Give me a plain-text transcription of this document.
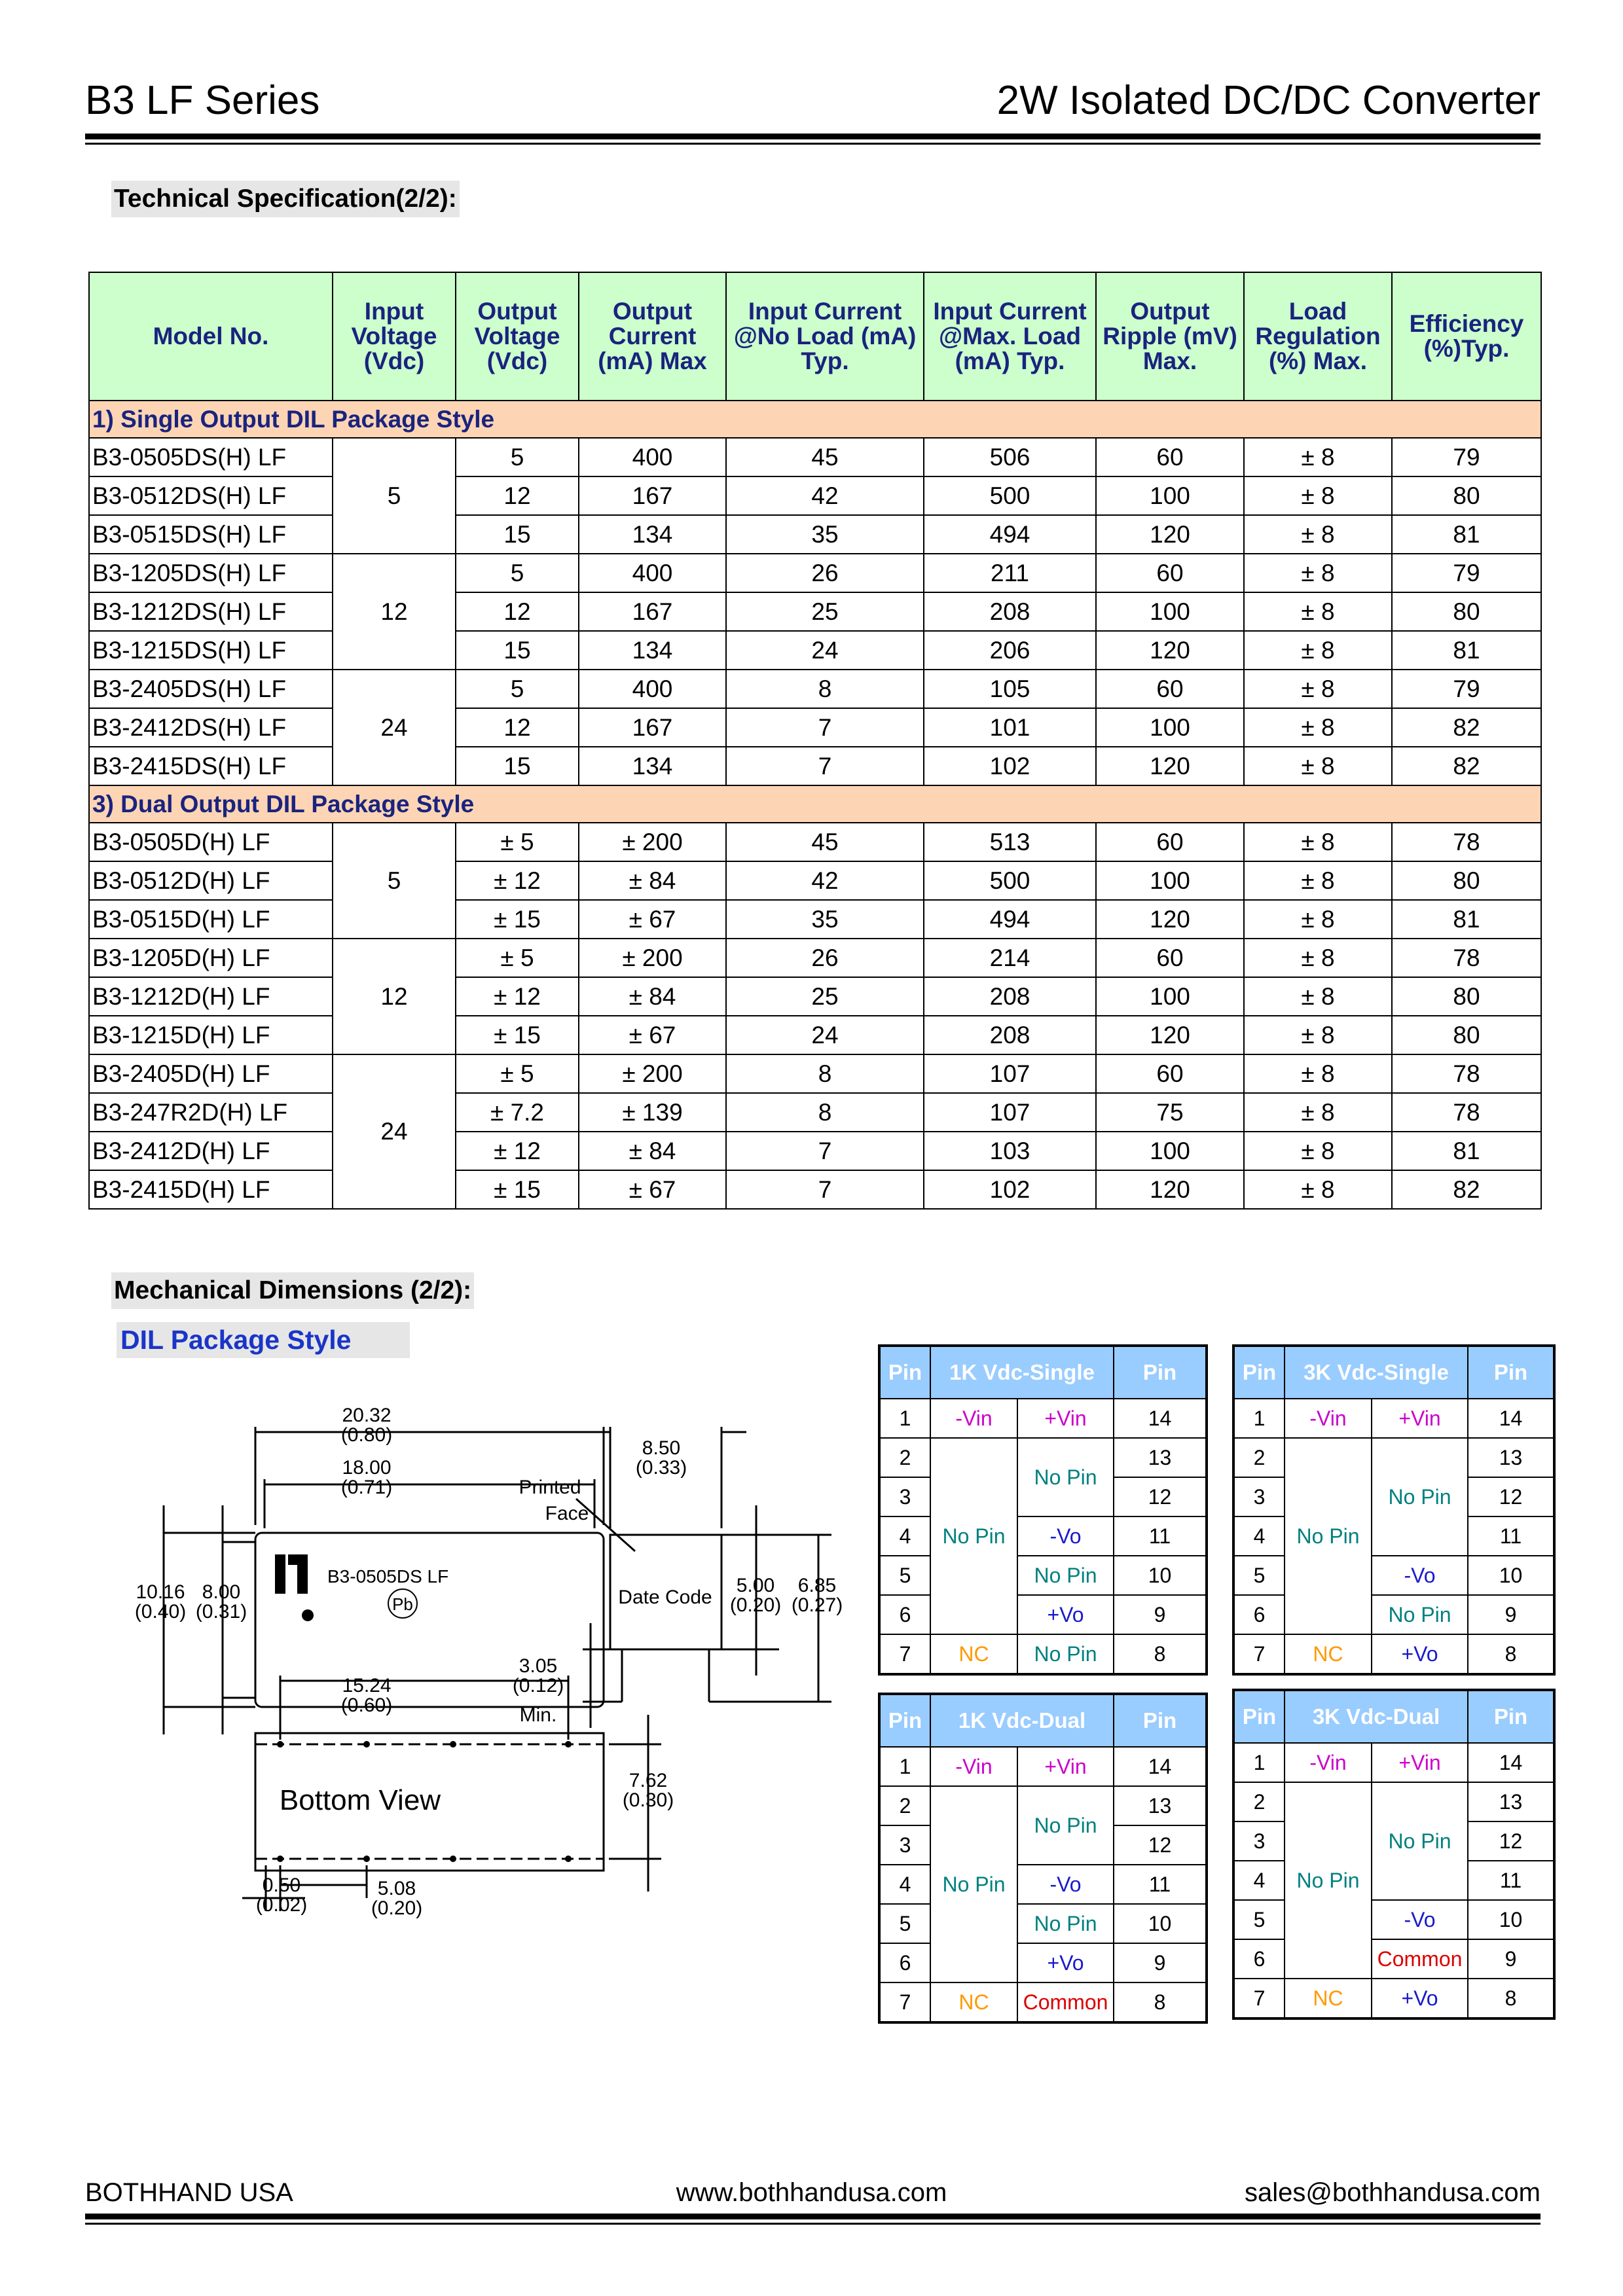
B3 LF Series	2W Isolated DC/DC Converter
Technical Specification(2/2):
Model No.	Input Voltage (Vdc)	Output Voltage (Vdc)	Output Current (mA) Max	Input Current @No Load (mA) Typ.	Input Current @Max. Load (mA) Typ.	Output Ripple (mV) Max.	Load Regulation (%) Max.	Efficiency (%)Typ.
1) Single Output DIL Package Style								
B3-0505DS(H) LF	5	5	400	45	506	60	± 8	79
B3-0512DS(H) LF		12	167	42	500	100	± 8	80
B3-0515DS(H) LF		15	134	35	494	120	± 8	81
B3-1205DS(H) LF	12	5	400	26	211	60	± 8	79
B3-1212DS(H) LF		12	167	25	208	100	± 8	80
B3-1215DS(H) LF		15	134	24	206	120	± 8	81
B3-2405DS(H) LF	24	5	400	8	105	60	± 8	79
B3-2412DS(H) LF		12	167	7	101	100	± 8	82
B3-2415DS(H) LF		15	134	7	102	120	± 8	82
3) Dual Output DIL Package Style								
B3-0505D(H) LF	5	± 5	± 200	45	513	60	± 8	78
B3-0512D(H) LF		± 12	± 84	42	500	100	± 8	80
B3-0515D(H) LF		± 15	± 67	35	494	120	± 8	81
B3-1205D(H) LF	12	± 5	± 200	26	214	60	± 8	78
B3-1212D(H) LF		± 12	± 84	25	208	100	± 8	80
B3-1215D(H) LF		± 15	± 67	24	208	120	± 8	80
B3-2405D(H) LF	24	± 5	± 200	8	107	60	± 8	78
B3-247R2D(H) LF		± 7.2	± 139	8	107	75	± 8	78
B3-2412D(H) LF		± 12	± 84	7	103	100	± 8	81
B3-2415D(H) LF		± 15	± 67	7	102	120	± 8	82
Mechanical Dimensions (2/2):
DIL Package Style
20.32
(0.80)
18.00
(0.71)
10.16
(0.40)
8.00
(0.31)
B3-0505DS LF
Pb
8.50
(0.33)
Printed
Face
Date Code
5.00
(0.20)
6.85
(0.27)
3.05
(0.12)
Min.
15.24
(0.60)
Bottom View
7.62
(0.30)
0.50
(0.02)
5.08
(0.20)
Pin	1K Vdc-Single		Pin
1	-Vin	+Vin	14
2	No Pin	No Pin	13
3			12
4		-Vo	11
5		No Pin	10
6		+Vo	9
7	NC	No Pin	8
Pin	3K Vdc-Single		Pin
1	-Vin	+Vin	14
2	No Pin	No Pin	13
3			12
4			11
5		-Vo	10
6		No Pin	9
7	NC	+Vo	8
Pin	1K Vdc-Dual		Pin
1	-Vin	+Vin	14
2	No Pin	No Pin	13
3			12
4		-Vo	11
5		No Pin	10
6		+Vo	9
7	NC	Common	8
Pin	3K Vdc-Dual		Pin
1	-Vin	+Vin	14
2	No Pin	No Pin	13
3			12
4			11
5		-Vo	10
6		Common	9
7	NC	+Vo	8
BOTHHAND USA	www.bothhandusa.com	sales@bothhandusa.com
